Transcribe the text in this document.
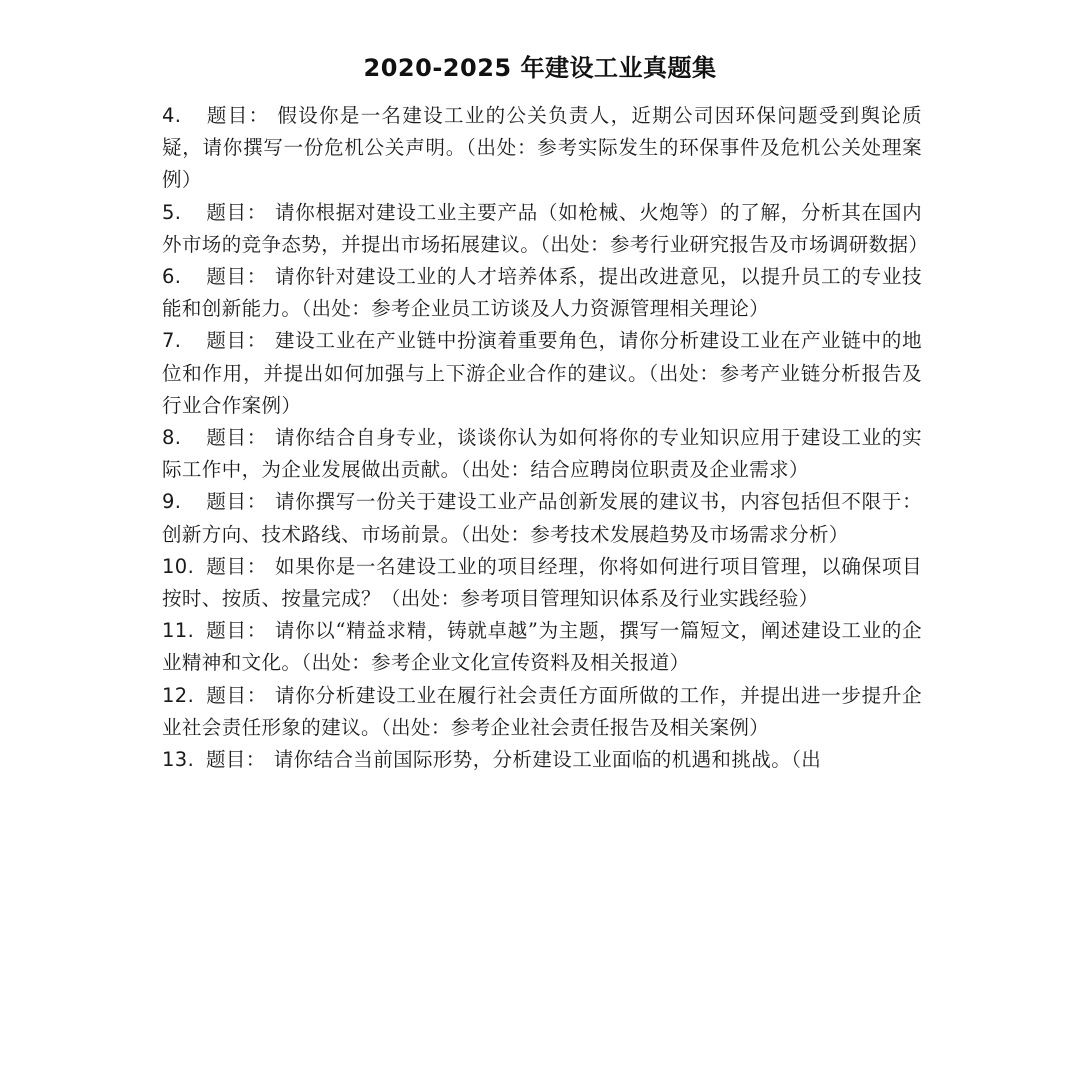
2020-2025 年建设工业真题集
4. 题目： 假设你是一名建设工业的公关负责人，近期公司因环保问题受到舆论质疑，请你撰写一份危机公关声明。（出处：参考实际发生的环保事件及危机公关处理案例）
5. 题目： 请你根据对建设工业主要产品（如枪械、火炮等）的了解，分析其在国内外市场的竞争态势，并提出市场拓展建议。（出处：参考行业研究报告及市场调研数据）
6. 题目： 请你针对建设工业的人才培养体系，提出改进意见，以提升员工的专业技能和创新能力。（出处：参考企业员工访谈及人力资源管理相关理论）
7. 题目： 建设工业在产业链中扮演着重要角色，请你分析建设工业在产业链中的地位和作用，并提出如何加强与上下游企业合作的建议。（出处：参考产业链分析报告及行业合作案例）
8. 题目： 请你结合自身专业，谈谈你认为如何将你的专业知识应用于建设工业的实际工作中，为企业发展做出贡献。（出处：结合应聘岗位职责及企业需求）
9. 题目： 请你撰写一份关于建设工业产品创新发展的建议书，内容包括但不限于：创新方向、技术路线、市场前景。（出处：参考技术发展趋势及市场需求分析）
10. 题目： 如果你是一名建设工业的项目经理，你将如何进行项目管理，以确保项目按时、按质、按量完成？（出处：参考项目管理知识体系及行业实践经验）
11. 题目： 请你以“精益求精，铸就卓越”为主题，撰写一篇短文，阐述建设工业的企业精神和文化。（出处：参考企业文化宣传资料及相关报道）
12. 题目： 请你分析建设工业在履行社会责任方面所做的工作，并提出进一步提升企业社会责任形象的建议。（出处：参考企业社会责任报告及相关案例）
13. 题目： 请你结合当前国际形势，分析建设工业面临的机遇和挑战。（出
